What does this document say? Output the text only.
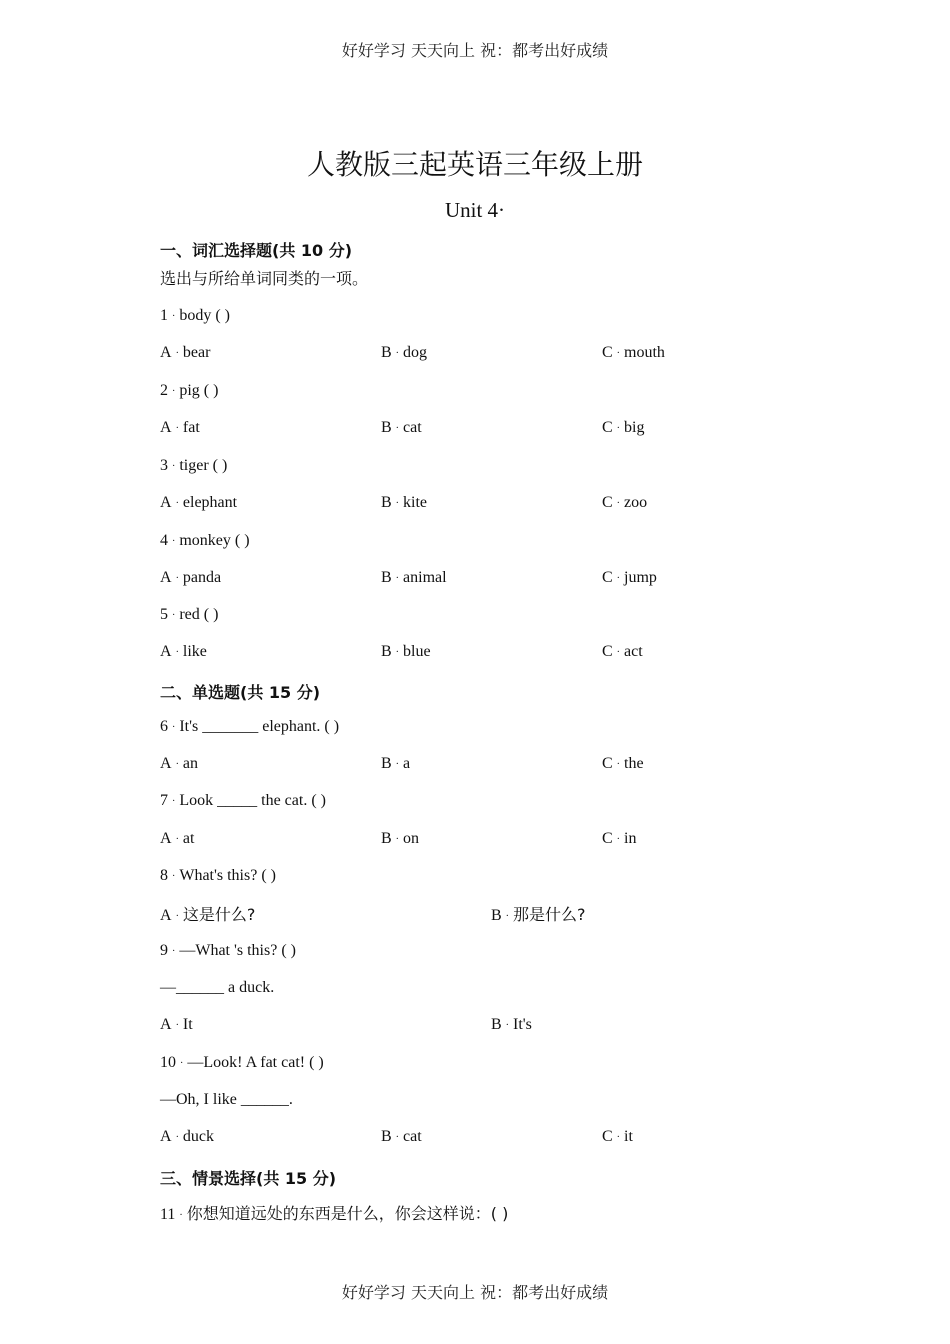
好好学习 天天向上 祝：都考出好成绩
人教版三起英语三年级上册
Unit 4·
一、词汇选择题(共 10 分)
选出与所给单词同类的一项。
1 · body ( )
A · bear	B · dog	C · mouth
2 · pig ( )
A · fat	B · cat	C · big
3 · tiger ( )
A · elephant	B · kite	C · zoo
4 · monkey ( )
A · panda	B · animal	C · jump
5 · red ( )
A · like	B · blue	C · act
二、单选题(共 15 分)
6 · It's _______ elephant. ( )
A · an	B · a	C · the
7 · Look _____ the cat. ( )
A · at	B · on	C · in
8 · What's this? ( )
A · 这是什么?	B · 那是什么?
9 · —What 's this? ( )
—______ a duck.
A · It	B · It's
10 · —Look! A fat cat! ( )
—Oh, I like ______.
A · duck	B · cat	C · it
三、情景选择(共 15 分)
11 · 你想知道远处的东西是什么，你会这样说：( )
好好学习 天天向上 祝：都考出好成绩
